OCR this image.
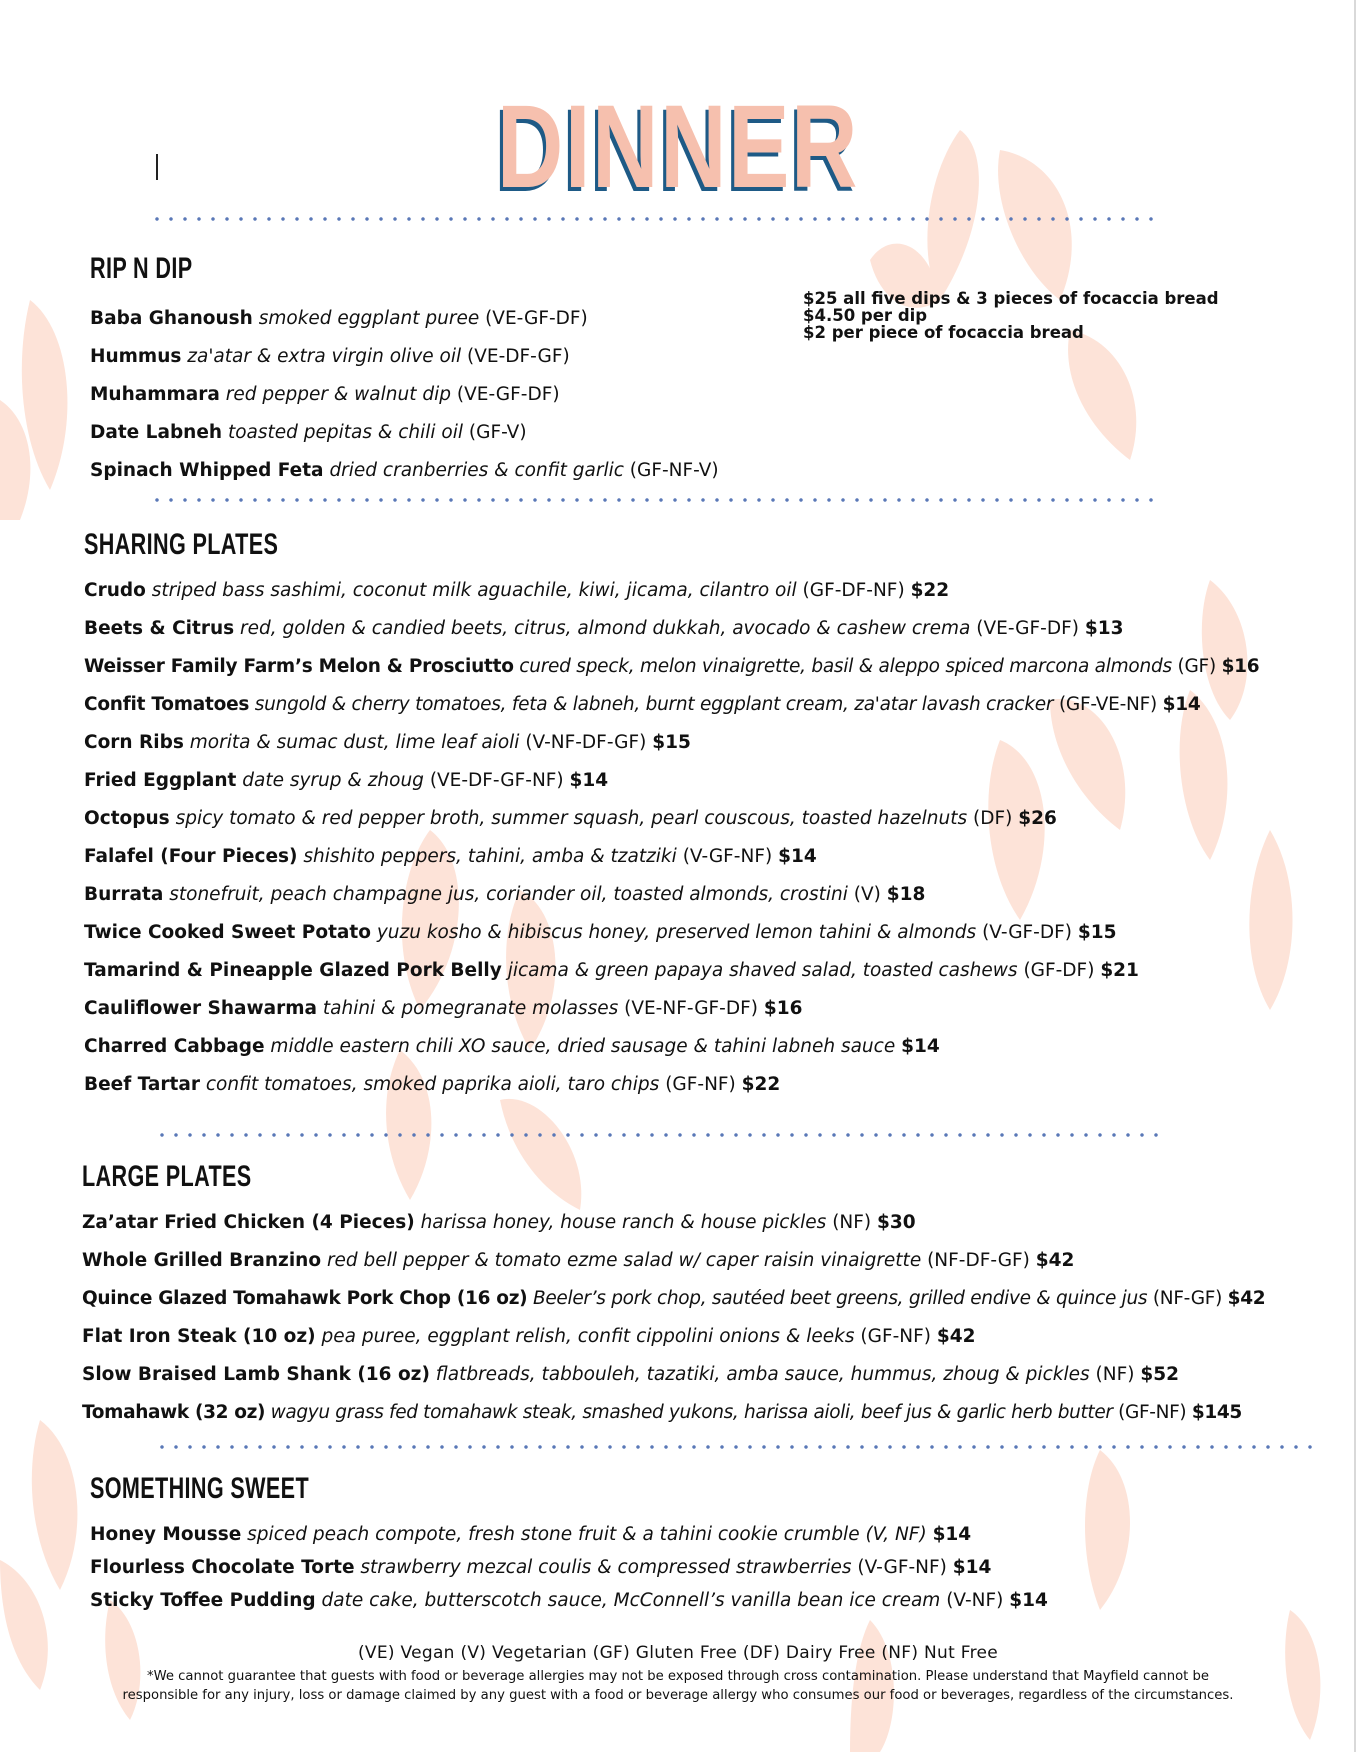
DINNER
RIP N DIP
$25 all five dips & 3 pieces of focaccia bread
$4.50 per dip
$2 per piece of focaccia bread
Baba Ghanoush smoked eggplant puree (VE-GF-DF)
Hummus za'atar & extra virgin olive oil (VE-DF-GF)
Muhammara red pepper & walnut dip (VE-GF-DF)
Date Labneh toasted pepitas & chili oil (GF-V)
Spinach Whipped Feta dried cranberries & confit garlic (GF-NF-V)
SHARING PLATES
Crudo striped bass sashimi, coconut milk aguachile, kiwi, jicama, cilantro oil (GF-DF-NF) $22
Beets & Citrus red, golden & candied beets, citrus, almond dukkah, avocado & cashew crema (VE-GF-DF) $13
Weisser Family Farm’s Melon & Prosciutto cured speck, melon vinaigrette, basil & aleppo spiced marcona almonds (GF) $16
Confit Tomatoes sungold & cherry tomatoes, feta & labneh, burnt eggplant cream, za'atar lavash cracker (GF-VE-NF) $14
Corn Ribs morita & sumac dust, lime leaf aioli (V-NF-DF-GF) $15
Fried Eggplant date syrup & zhoug (VE-DF-GF-NF) $14
Octopus spicy tomato & red pepper broth, summer squash, pearl couscous, toasted hazelnuts (DF) $26
Falafel (Four Pieces) shishito peppers, tahini, amba & tzatziki (V-GF-NF) $14
Burrata stonefruit, peach champagne jus, coriander oil, toasted almonds, crostini (V) $18
Twice Cooked Sweet Potato yuzu kosho & hibiscus honey, preserved lemon tahini & almonds (V-GF-DF) $15
Tamarind & Pineapple Glazed Pork Belly jicama & green papaya shaved salad, toasted cashews (GF-DF) $21
Cauliflower Shawarma tahini & pomegranate molasses (VE-NF-GF-DF) $16
Charred Cabbage middle eastern chili XO sauce, dried sausage & tahini labneh sauce $14
Beef Tartar confit tomatoes, smoked paprika aioli, taro chips (GF-NF) $22
LARGE PLATES
Za’atar Fried Chicken (4 Pieces) harissa honey, house ranch & house pickles (NF) $30
Whole Grilled Branzino red bell pepper & tomato ezme salad w/ caper raisin vinaigrette (NF-DF-GF) $42
Quince Glazed Tomahawk Pork Chop (16 oz) Beeler’s pork chop, sautéed beet greens, grilled endive & quince jus (NF-GF) $42
Flat Iron Steak (10 oz) pea puree, eggplant relish, confit cippolini onions & leeks (GF-NF) $42
Slow Braised Lamb Shank (16 oz) flatbreads, tabbouleh, tazatiki, amba sauce, hummus, zhoug & pickles (NF) $52
Tomahawk (32 oz) wagyu grass fed tomahawk steak, smashed yukons, harissa aioli, beef jus & garlic herb butter (GF-NF) $145
SOMETHING SWEET
Honey Mousse spiced peach compote, fresh stone fruit & a tahini cookie crumble (V, NF) $14
Flourless Chocolate Torte strawberry mezcal coulis & compressed strawberries (V-GF-NF) $14
Sticky Toffee Pudding date cake, butterscotch sauce, McConnell’s vanilla bean ice cream (V-NF) $14
(VE) Vegan (V) Vegetarian (GF) Gluten Free (DF) Dairy Free (NF) Nut Free
*We cannot guarantee that guests with food or beverage allergies may not be exposed through cross contamination. Please understand that Mayfield cannot be responsible for any injury, loss or damage claimed by any guest with a food or beverage allergy who consumes our food or beverages, regardless of the circumstances.
